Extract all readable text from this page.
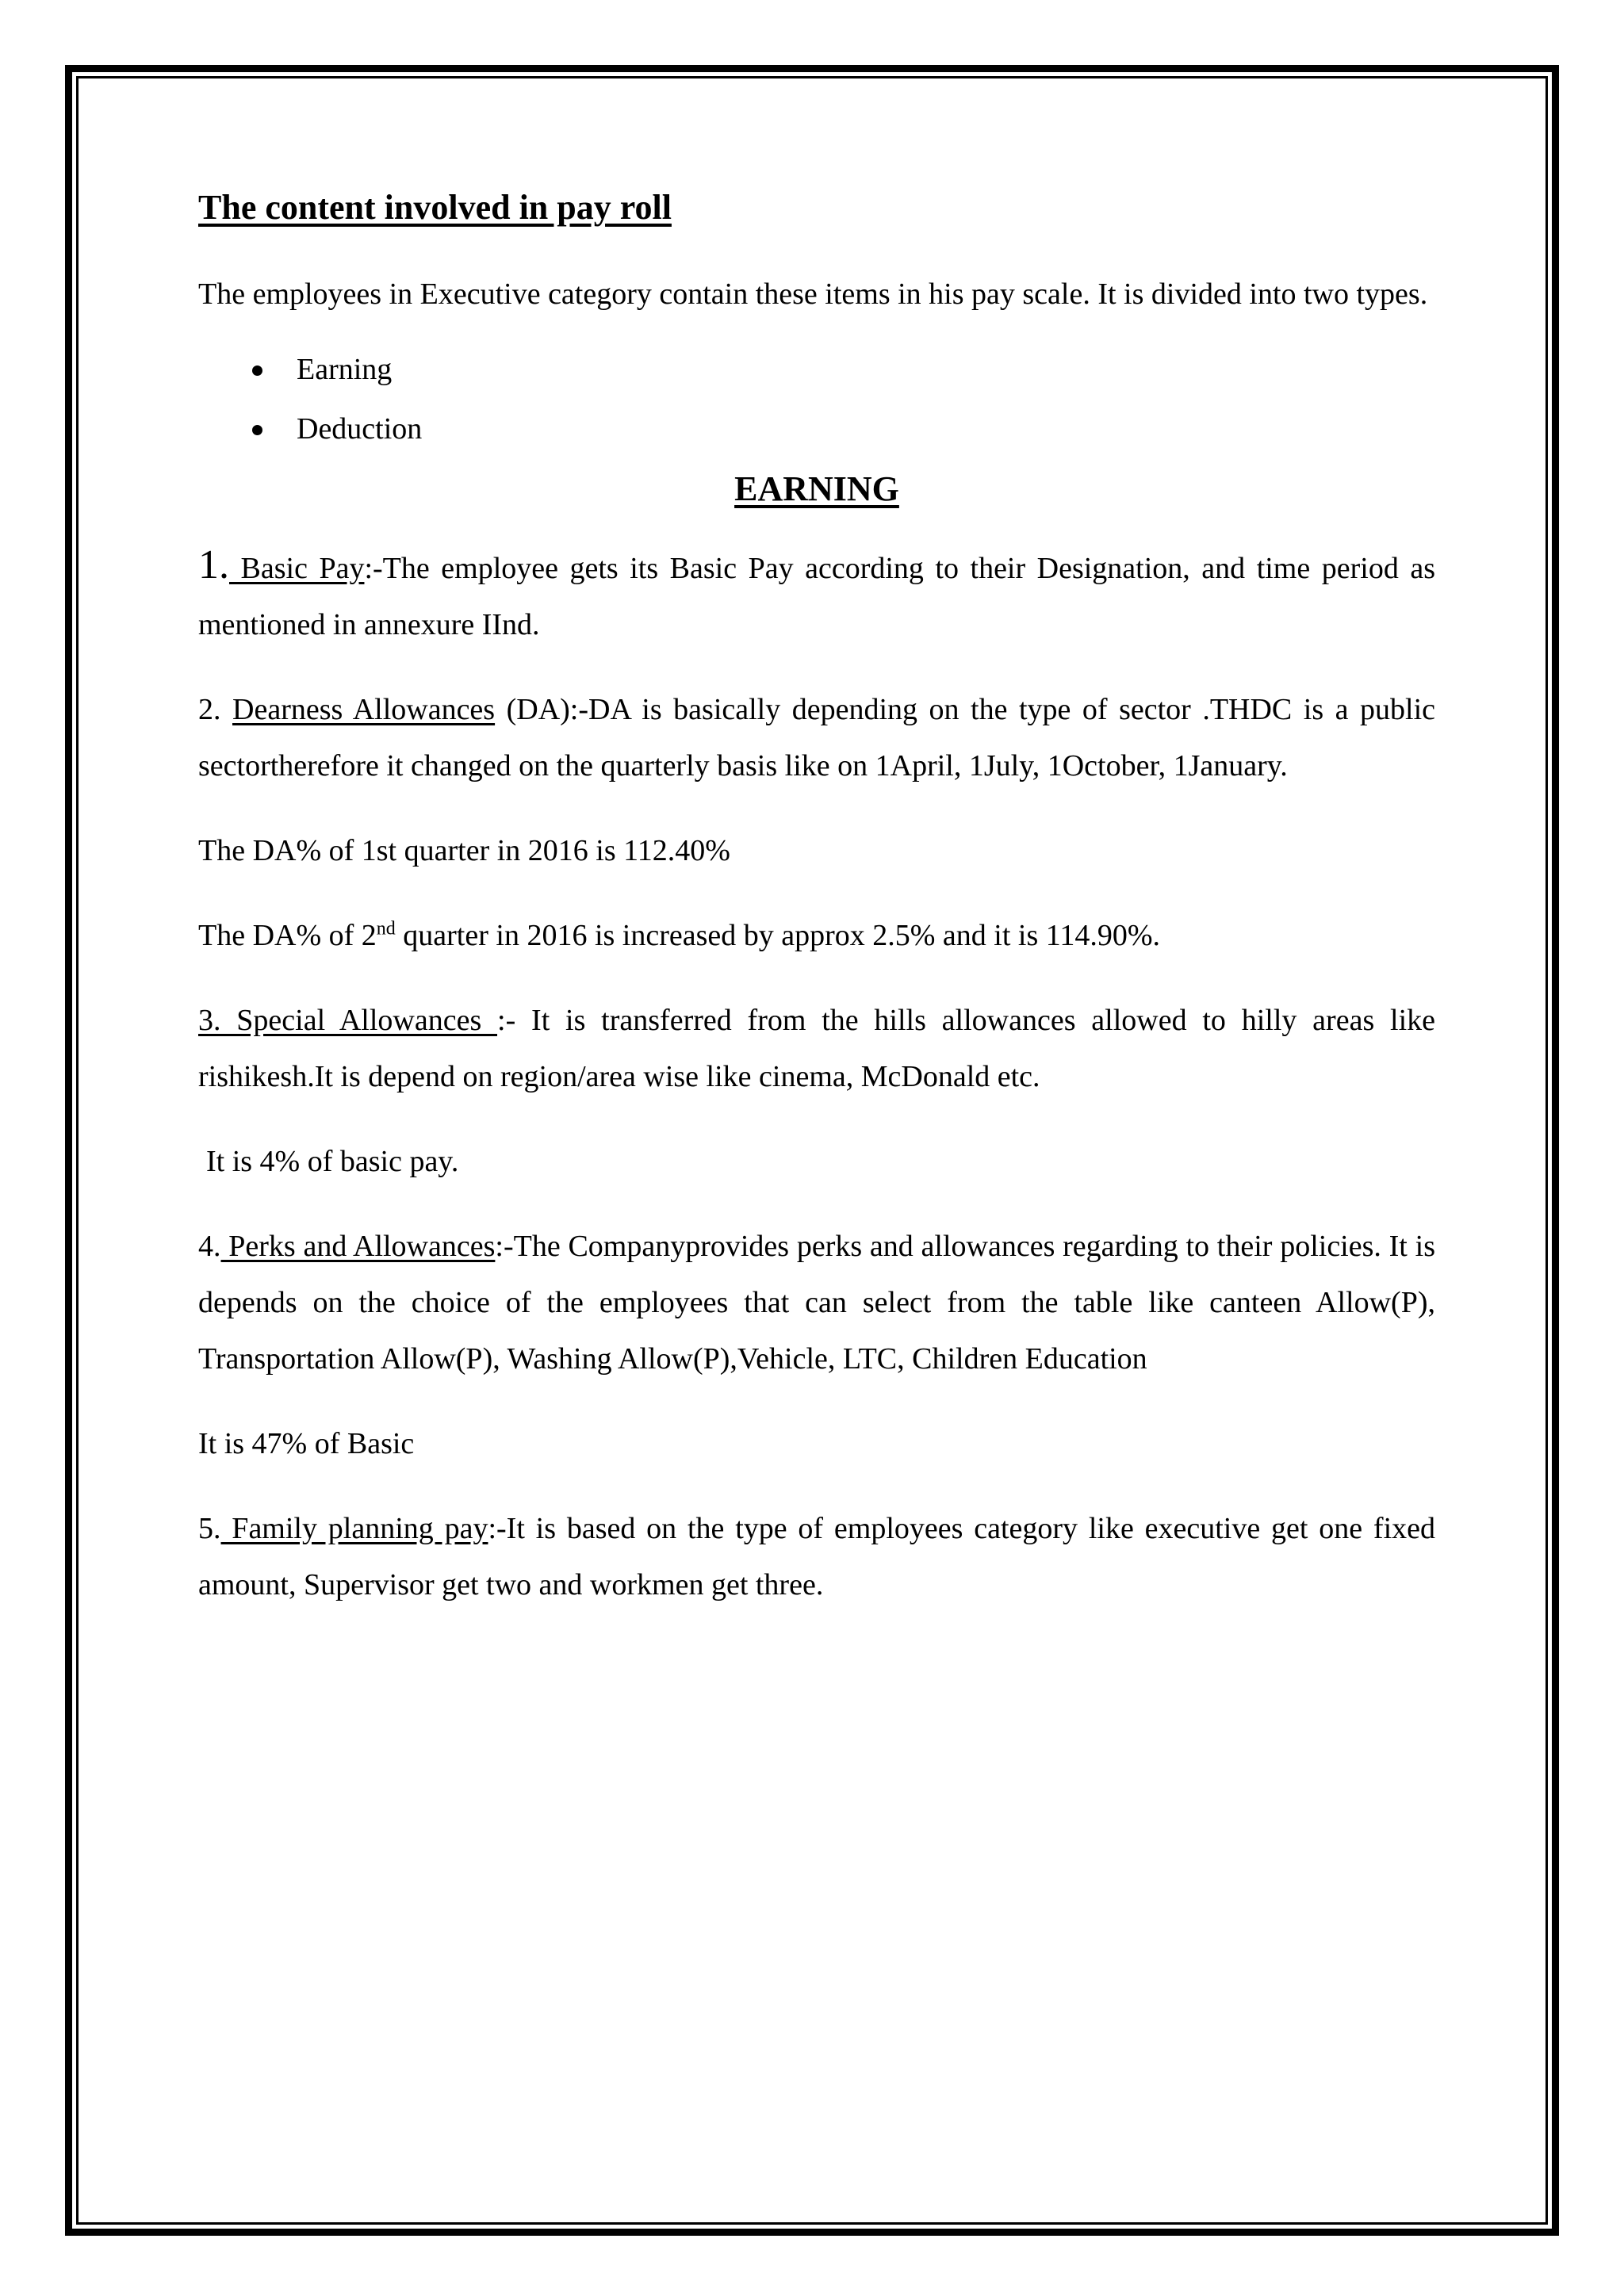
The content involved in pay roll

The employees in Executive category contain these items in his pay scale. It is divided into two types.

Earning
Deduction
EARNING

1. Basic Pay:-The employee gets its Basic Pay according to their Designation, and time period as mentioned in annexure IInd.

2. Dearness Allowances (DA):-DA is basically depending on the type of sector .THDC is a public sectortherefore it changed on the quarterly basis like on 1April, 1July, 1October, 1January.

The DA% of 1st quarter in 2016 is 112.40%

The DA% of 2nd quarter in 2016 is increased by approx 2.5% and it is 114.90%.

3. Special Allowances :- It is transferred from the hills allowances allowed to hilly areas like rishikesh.It is depend on region/area wise like cinema, McDonald etc.

It is 4% of basic pay.

4. Perks and Allowances:-The Companyprovides perks and allowances regarding to their policies. It is depends on the choice of the employees that can select from the table like canteen Allow(P), Transportation Allow(P), Washing Allow(P),Vehicle, LTC, Children Education

It is 47% of Basic

5. Family planning pay:-It is based on the type of employees category like executive get one fixed amount, Supervisor get two and workmen get three.
